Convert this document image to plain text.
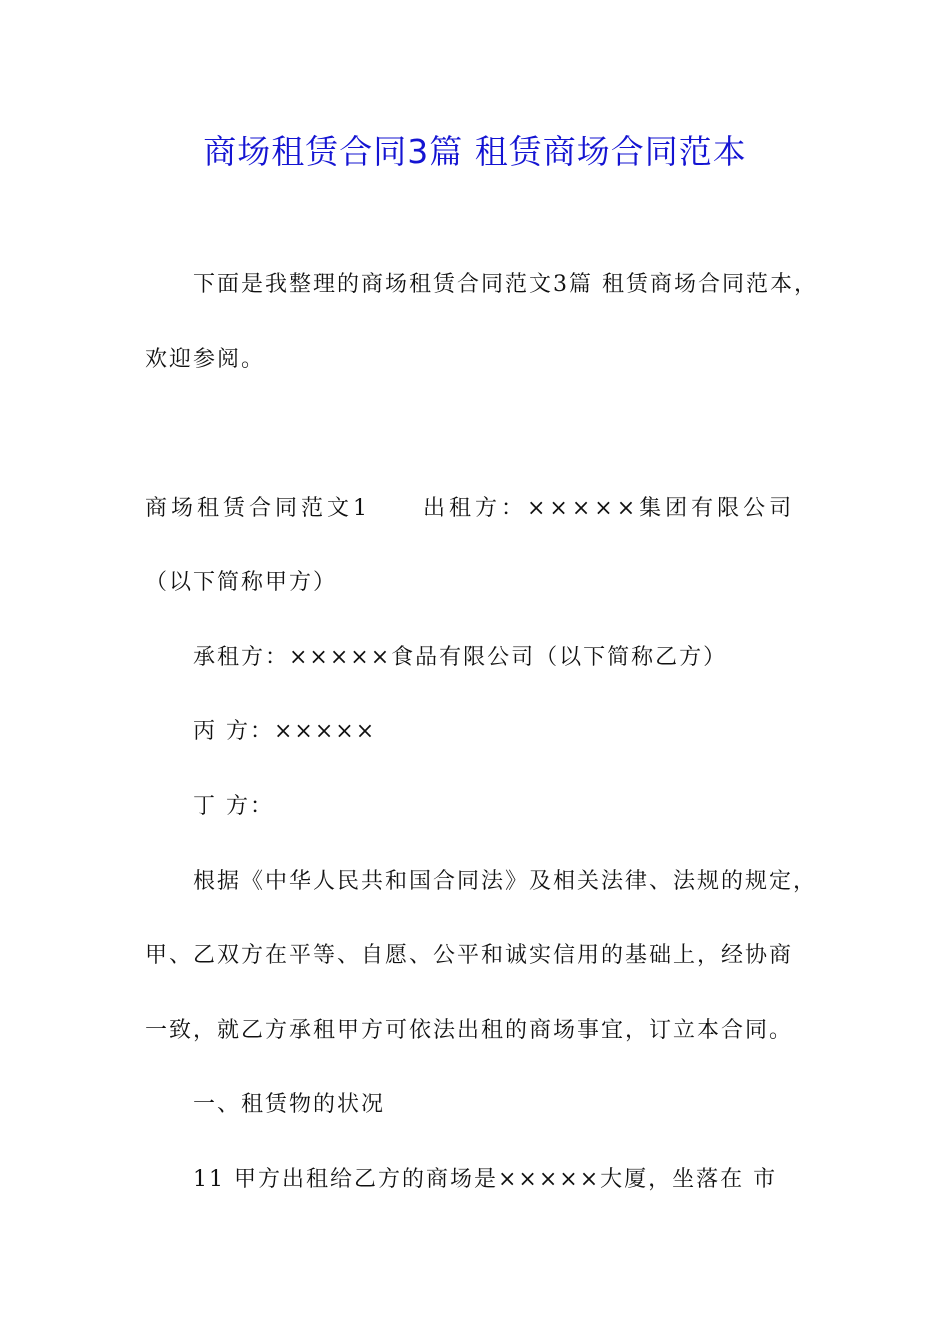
商场租赁合同3篇 租赁商场合同范本
下面是我整理的商场租赁合同范文3篇 租赁商场合同范本，
欢迎参阅。
商场租赁合同范文1　　出租方：×××××集团有限公司
（以下简称甲方）
承租方：×××××食品有限公司（以下简称乙方）
丙 方：×××××
丁 方：
根据《中华人民共和国合同法》及相关法律、法规的规定，
甲、乙双方在平等、自愿、公平和诚实信用的基础上，经协商
一致，就乙方承租甲方可依法出租的商场事宜，订立本合同。
一、租赁物的状况
11 甲方出租给乙方的商场是×××××大厦，坐落在 市
